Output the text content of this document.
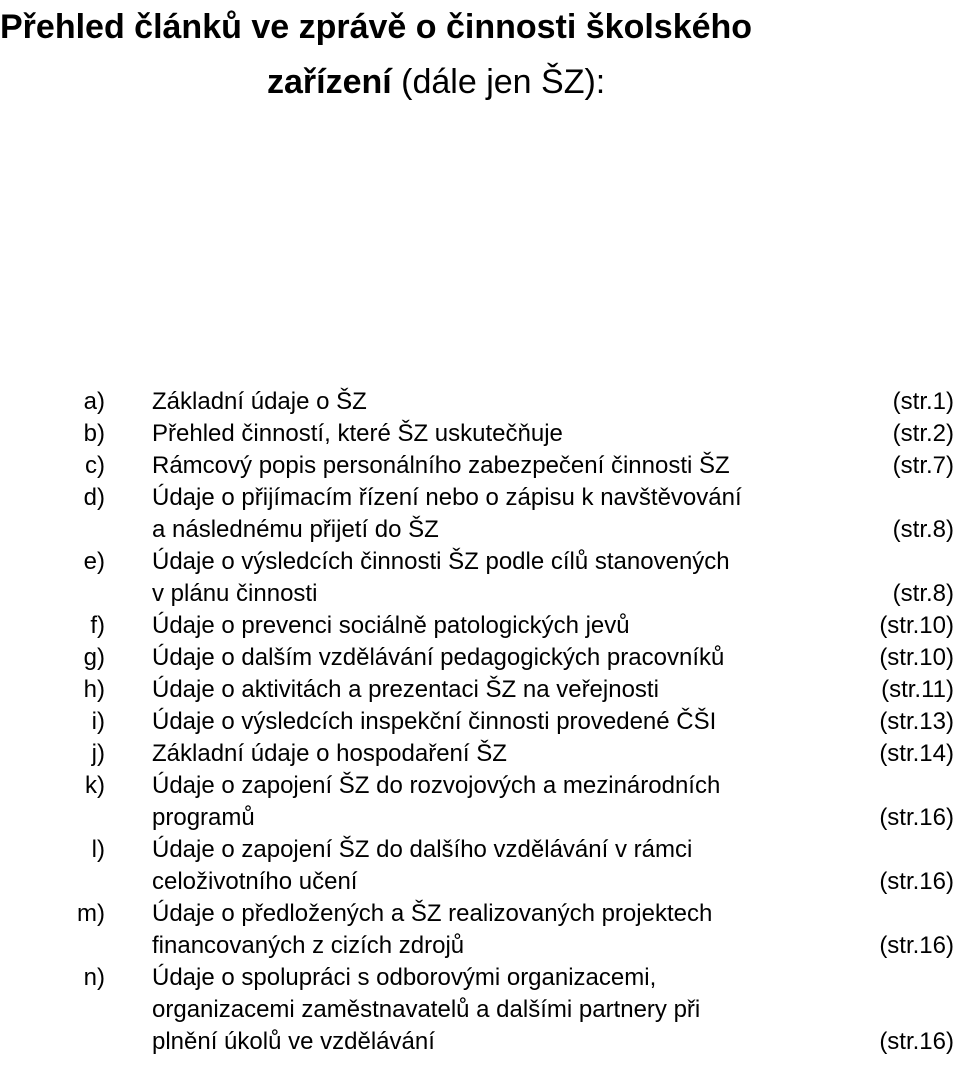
Přehled článků ve zprávě o činnosti školského
zařízení (dále jen ŠZ):
a) Základní údaje o ŠZ	(str.1)
b) Přehled činností, které ŠZ uskutečňuje	(str.2)
c) Rámcový popis personálního zabezpečení činnosti ŠZ	(str.7)
d) Údaje o přijímacím řízení nebo o zápisu k navštěvování
a následnému přijetí do ŠZ	(str.8)
e) Údaje o výsledcích činnosti ŠZ podle cílů stanovených
v plánu činnosti	(str.8)
f) Údaje o prevenci sociálně patologických jevů	(str.10)
g) Údaje o dalším vzdělávání pedagogických pracovníků	(str.10)
h) Údaje o aktivitách a prezentaci ŠZ na veřejnosti	(str.11)
i) Údaje o výsledcích inspekční činnosti provedené ČŠI	(str.13)
j) Základní údaje o hospodaření ŠZ	(str.14)
k) Údaje o zapojení ŠZ do rozvojových a mezinárodních
programů	(str.16)
l) Údaje o zapojení ŠZ do dalšího vzdělávání v rámci
celoživotního učení	(str.16)
m) Údaje o předložených a ŠZ realizovaných projektech
financovaných z cizích zdrojů	(str.16)
n) Údaje o spolupráci s odborovými organizacemi,
organizacemi zaměstnavatelů a dalšími partnery při
plnění úkolů ve vzdělávání	(str.16)
